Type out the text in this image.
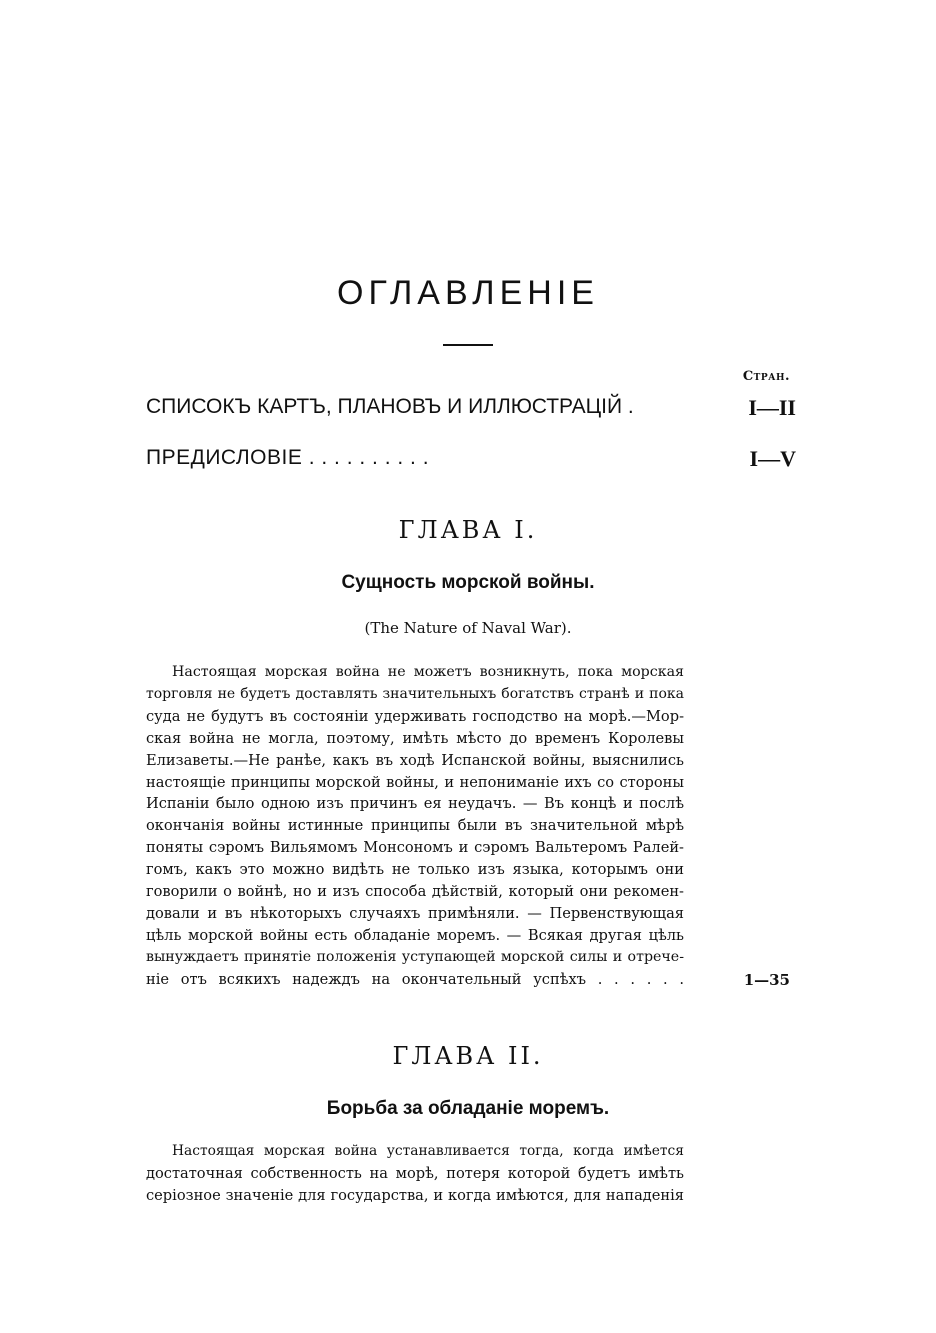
ОГЛАВЛЕНІЕ
Стран.
СПИСОКЪ КАРТЪ, ПЛАНОВЪ И ИЛЛЮСТРАЦІЙ .	I—II
ПРЕДИСЛОВІЕ . . . . . . . . . .	I—V
ГЛАВА I.
Сущность морской войны.
(The Nature of Naval War).
Настоящая морская война не можетъ возникнуть, пока морская
торговля не будетъ доставлять значительныхъ богатствъ странѣ и пока
суда не будутъ въ состояніи удерживать господство на морѣ.—Мор-
ская война не могла, поэтому, имѣть мѣсто до временъ Королевы
Елизаветы.—Не ранѣе, какъ въ ходѣ Испанской войны, выяснились
настоящіе принципы морской войны, и непониманіе ихъ со стороны
Испаніи было одною изъ причинъ ея неудачъ. — Въ концѣ и послѣ
окончанія войны истинные принципы были въ значительной мѣрѣ
поняты сэромъ Вильямомъ Монсономъ и сэромъ Вальтеромъ Ралей-
гомъ, какъ это можно видѣть не только изъ языка, которымъ они
говорили о войнѣ, но и изъ способа дѣйствій, который они рекомен-
довали и въ нѣкоторыхъ случаяхъ примѣняли. — Первенствующая
цѣль морской войны есть обладаніе моремъ. — Всякая другая цѣль
вынуждаетъ принятіе положенія уступающей морской силы и отрече-
ніе отъ всякихъ надеждъ на окончательный успѣхъ . . . . . .	1—35
ГЛАВА II.
Борьба за обладаніе моремъ.
Настоящая морская война устанавливается тогда, когда имѣется
достаточная собственность на морѣ, потеря которой будетъ имѣть
серіозное значеніе для государства, и когда имѣются, для нападенія
